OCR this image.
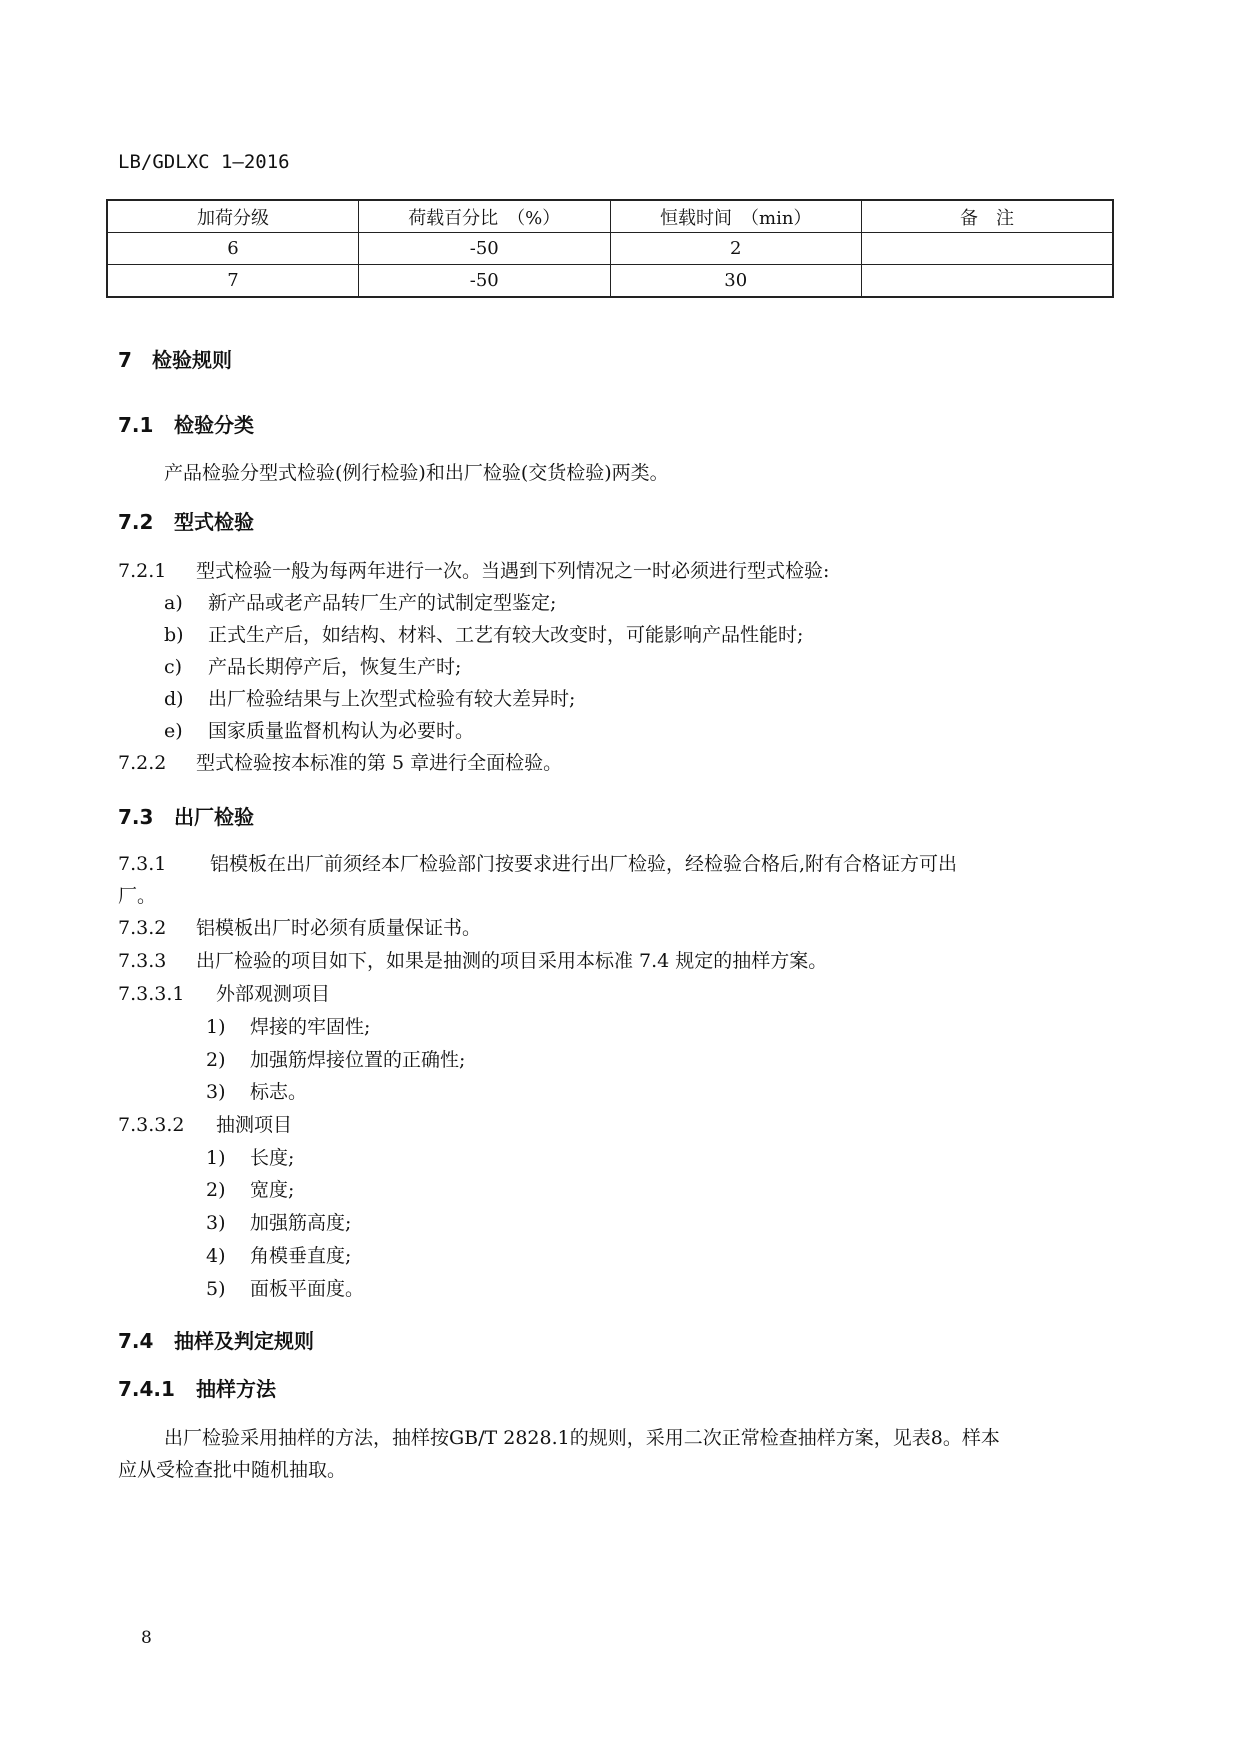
LB/GDLXC 1—2016
加荷分级	荷载百分比　（%）	恒载时间　（min）	备　注
6	-50	2	
7	-50	30	
7 检验规则
7.1 检验分类
产品检验分型式检验(例行检验)和出厂检验(交货检验)两类。
7.2 型式检验
7.2.1 型式检验一般为每两年进行一次。当遇到下列情况之一时必须进行型式检验:
a) 新产品或老产品转厂生产的试制定型鉴定;
b) 正式生产后，如结构、材料、工艺有较大改变时，可能影响产品性能时;
c) 产品长期停产后，恢复生产时;
d) 出厂检验结果与上次型式检验有较大差异时;
e) 国家质量监督机构认为必要时。
7.2.2 型式检验按本标准的第 5 章进行全面检验。
7.3 出厂检验
7.3.1 铝模板在出厂前须经本厂检验部门按要求进行出厂检验，经检验合格后,附有合格证方可出
厂。
7.3.2 铝模板出厂时必须有质量保证书。
7.3.3 出厂检验的项目如下，如果是抽测的项目采用本标准 7.4 规定的抽样方案。
7.3.3.1 外部观测项目
1) 焊接的牢固性;
2) 加强筋焊接位置的正确性;
3) 标志。
7.3.3.2 抽测项目
1) 长度;
2) 宽度;
3) 加强筋高度;
4) 角模垂直度;
5) 面板平面度。
7.4 抽样及判定规则
7.4.1 抽样方法
出厂检验采用抽样的方法，抽样按GB/T 2828.1的规则，采用二次正常检查抽样方案，见表8。样本
应从受检查批中随机抽取。
8
